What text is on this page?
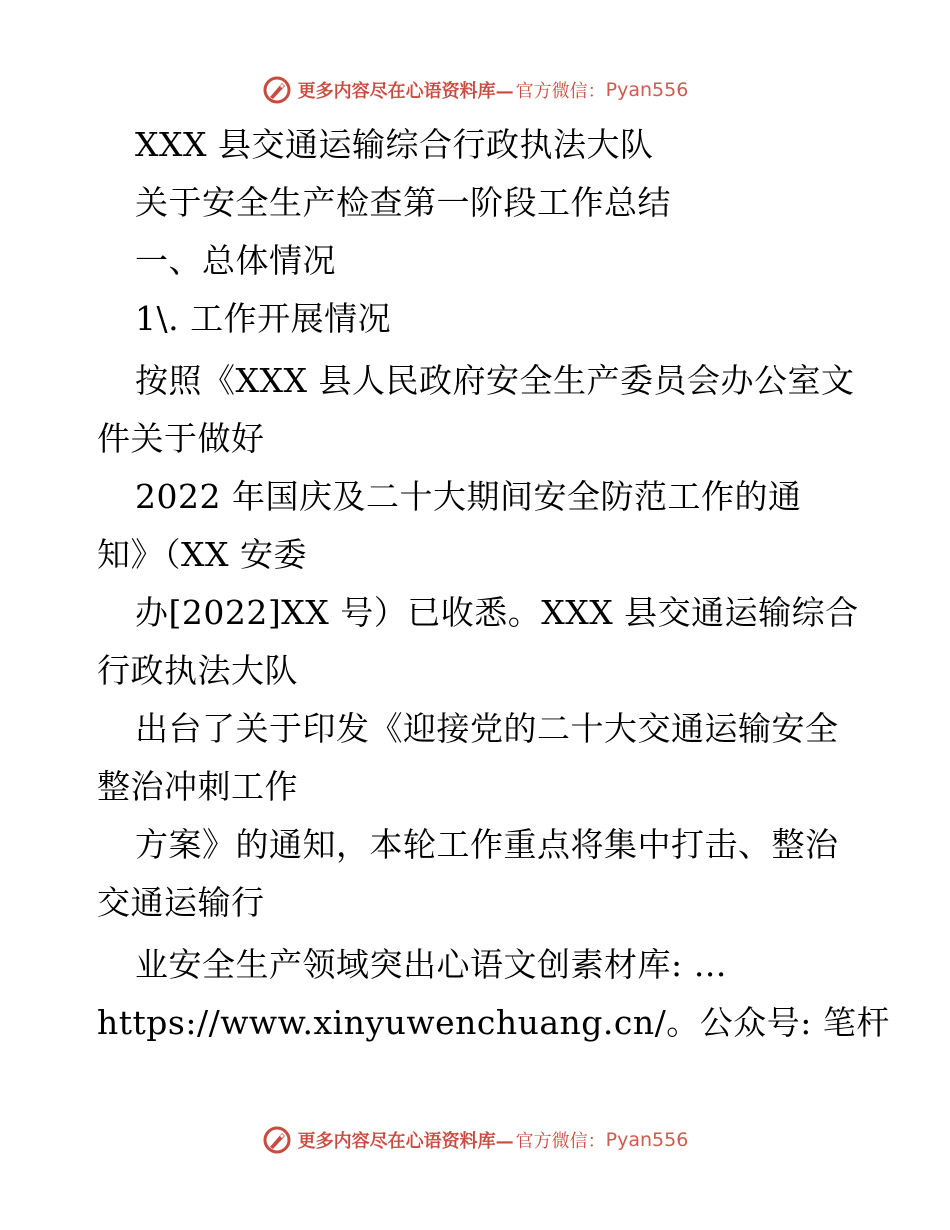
更多内容尽在心语资料库— 官方微信： Pyan556
XXX 县交通运输综合行政执法大队
关于安全生产检查第一阶段工作总结
一、总体情况
1\. 工作开展情况
按照《XXX 县人民政府安全生产委员会办公室文
件关于做好
2022 年国庆及二十大期间安全防范工作的通
知》（XX 安委
办[2022]XX 号）已收悉。XXX 县交通运输综合
行政执法大队
出台了关于印发《迎接党的二十大交通运输安全
整治冲刺工作
方案》的通知，本轮工作重点将集中打击、整治
交通运输行
业安全生产领域突出心语文创素材库: …
https://www.xinyuwenchuang.cn/。公众号: 笔杆
更多内容尽在心语资料库— 官方微信： Pyan556
